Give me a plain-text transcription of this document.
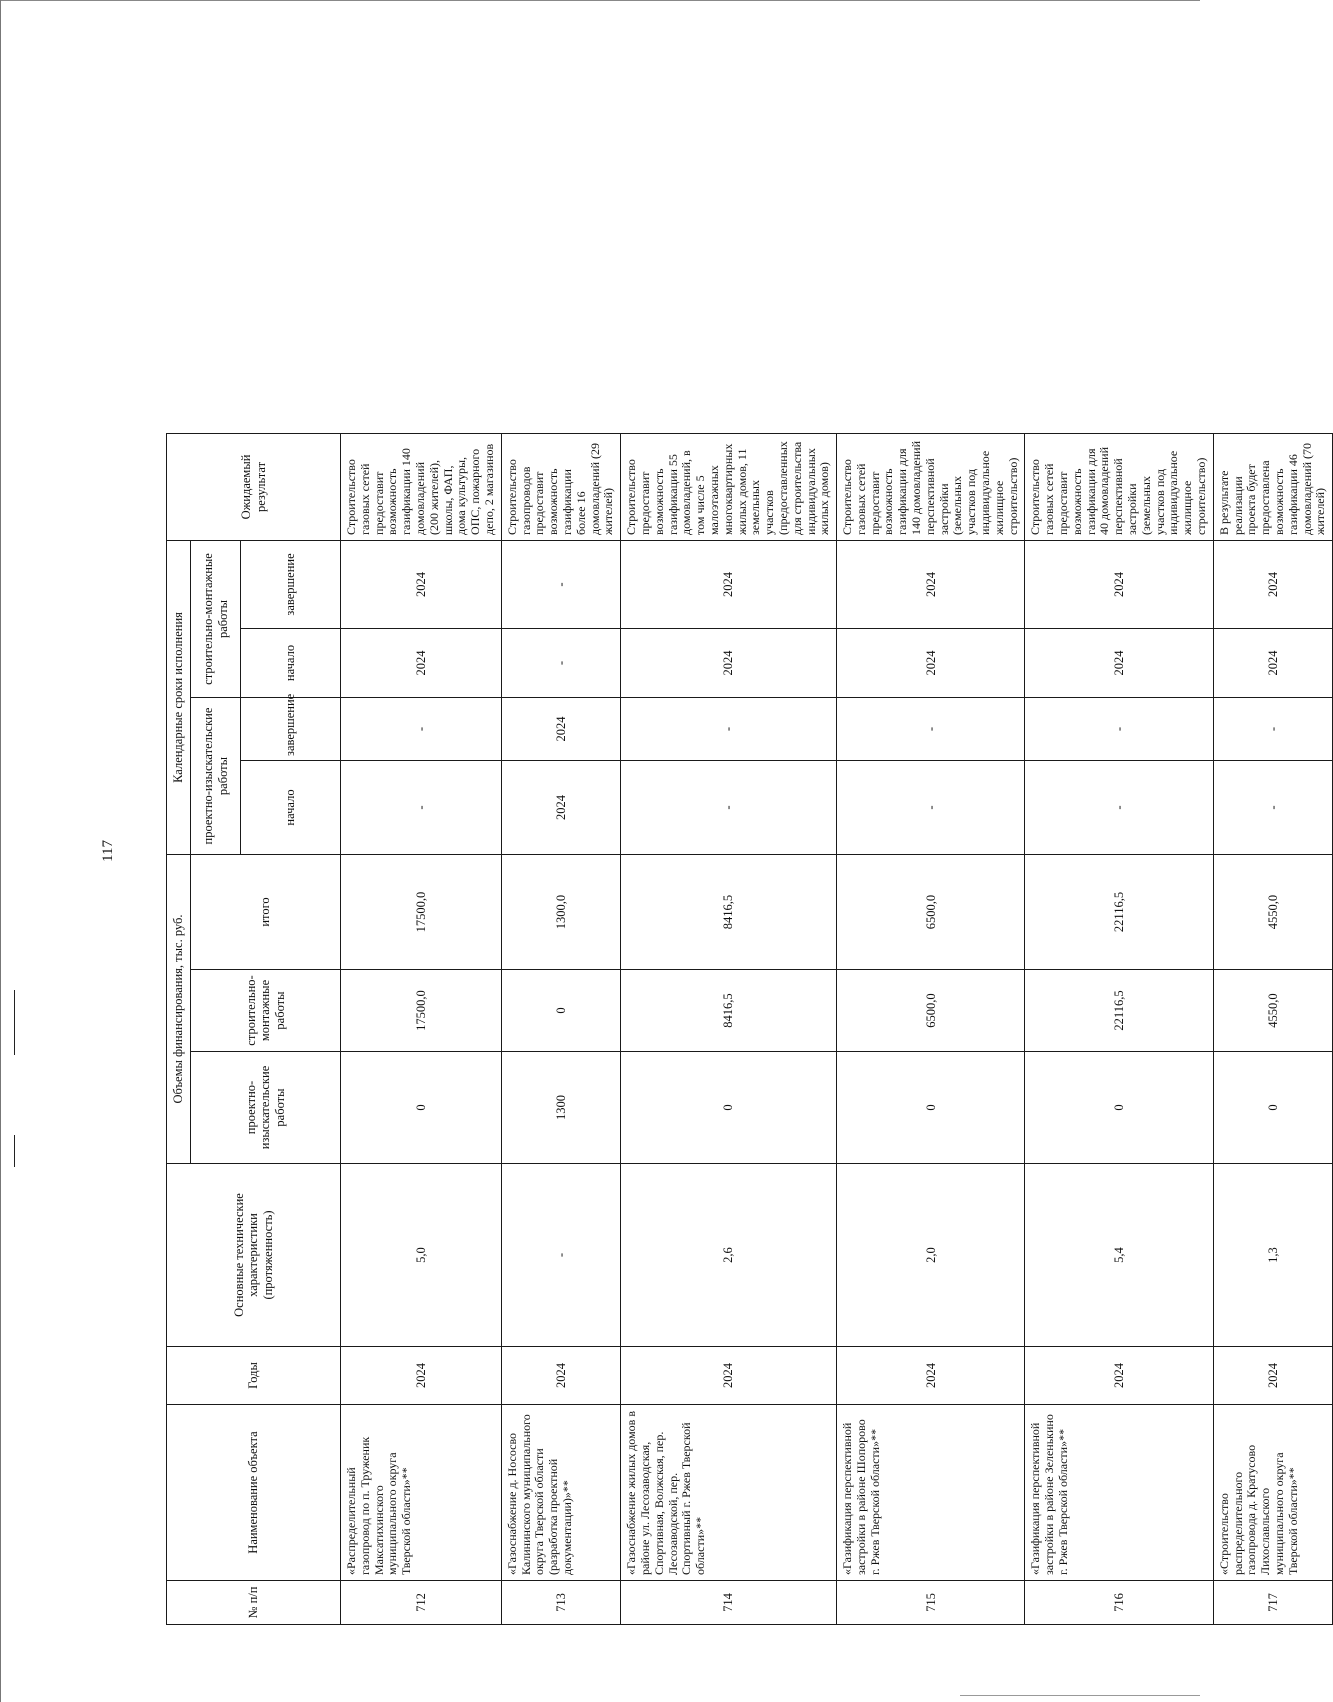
117
№ п/п	Наименование объекта	Годы	Основные технические характеристики (протяженность)	Объемы финансирования, тыс. руб.			Календарные сроки исполнения				Ожидаемый результат
				проектно-изыскательские работы	строительно-монтажные работы	итого	проектно-изыскательские работы		строительно-монтажные работы		
							начало	завершение	начало	завершение	
712	«Распределительный газопровод по п. Труженик Максатихинского муниципального округа Тверской области»**	2024	5,0	0	17500,0	17500,0	-	-	2024	2024	Строительство газовых сетей предоставит возможность газификации 140 домовладений (200 жителей), школы, ФАП, дома культуры, ОПС, пожарного депо, 2 магазинов
713	«Газоснабжение д. Нососво Калининского муниципального округа Тверской области (разработка проектной документации)»**	2024	-	1300	0	1300,0	2024	2024	-	-	Строительство газопроводов предоставит возможность газификации более 16 домовладений (29 жителей)
714	«Газоснабжение жилых домов в районе ул. Лесозаводская, Спортивная, Волжская, пер. Лесозаводской, пер. Спортивный г. Ржев Тверской области»**	2024	2,6	0	8416,5	8416,5	-	-	2024	2024	Строительство предоставит возможность газификации 55 домовладений, в том числе 5 малоэтажных многоквартирных жилых домов, 11 земельных участков (предоставленных для строительства индивидуальных жилых домов)
715	«Газификация перспективной застройки в районе Шопорово г. Ржев Тверской области»**	2024	2,0	0	6500,0	6500,0	-	-	2024	2024	Строительство газовых сетей предоставит возможность газификации для 140 домовладений перспективной застройки (земельных участков под индивидуальное жилищное строительство)
716	«Газификация перспективной застройки в районе Зеленькино г. Ржев Тверской области»**	2024	5,4	0	22116,5	22116,5	-	-	2024	2024	Строительство газовых сетей предоставит возможность газификации для 40 домовладений перспективной застройки (земельных участков под индивидуальное жилищное строительство)
717	«Строительство распределительного газопровода д. Кратусово Лихославльского муниципального округа Тверской области»**	2024	1,3	0	4550,0	4550,0	-	-	2024	2024	В результате реализации проекта будет предоставлена возможность газификации 46 домовладений (70 жителей)
